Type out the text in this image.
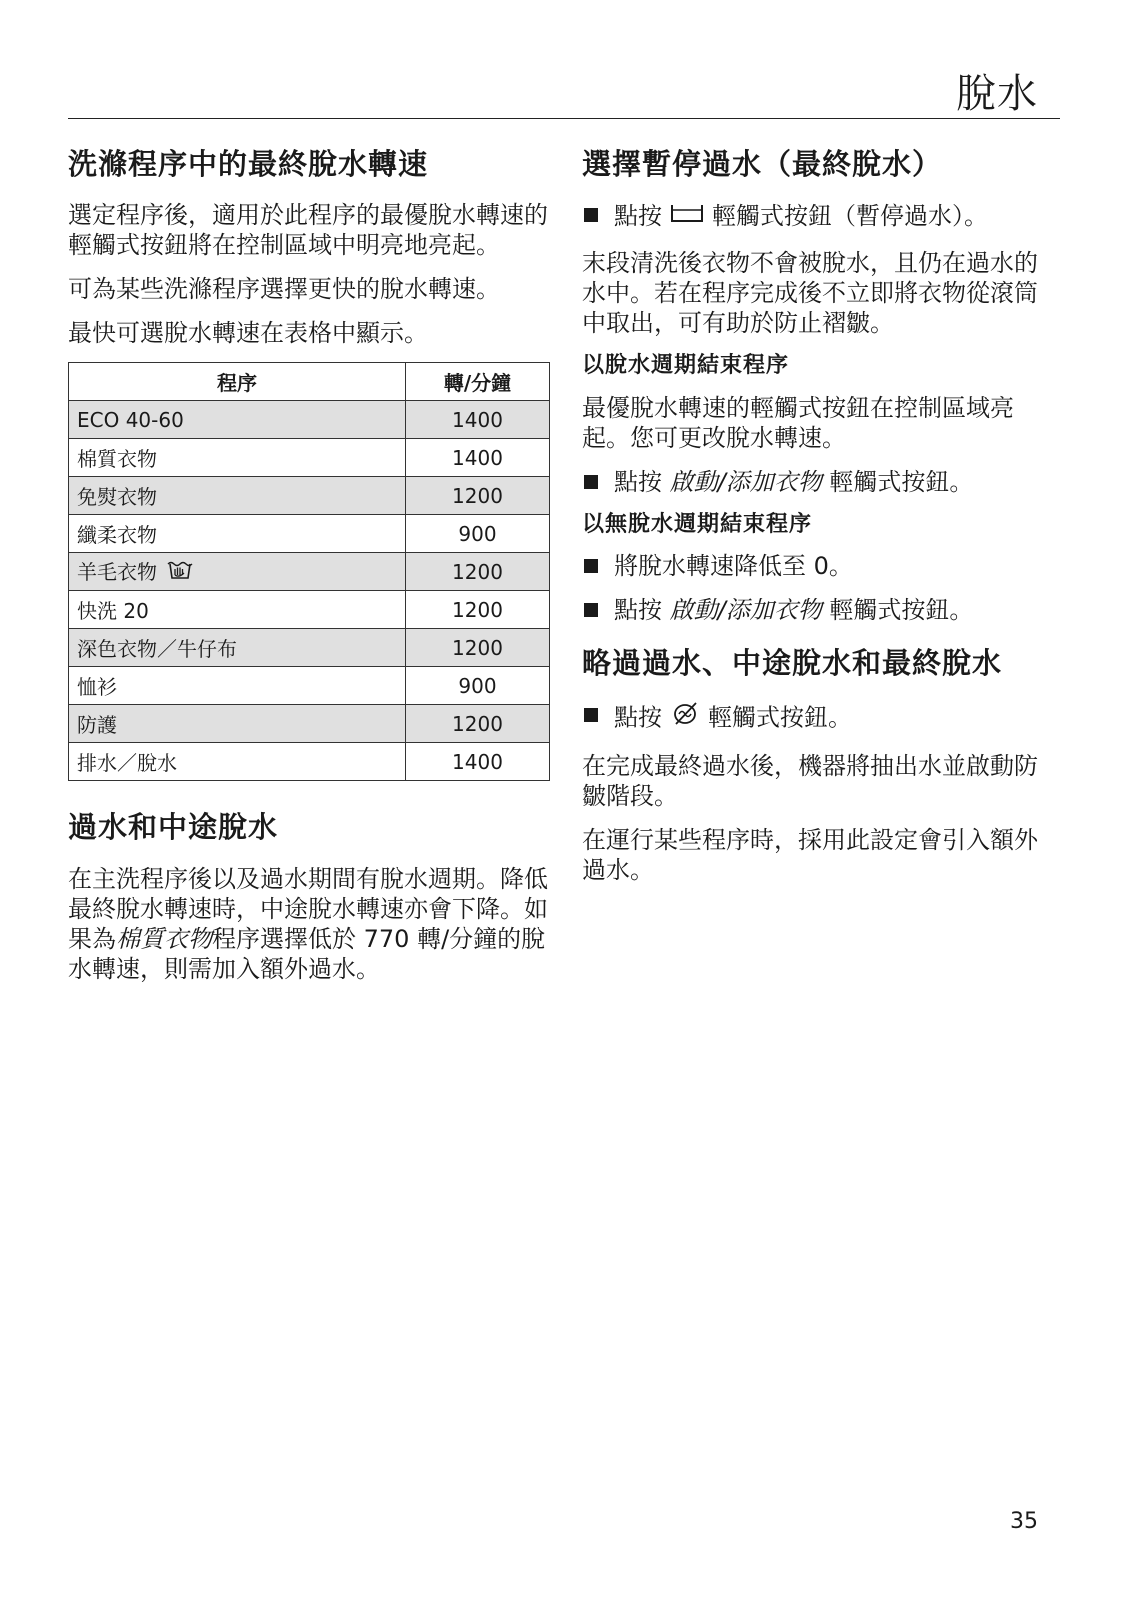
脫水
洗滌程序中的最終脫水轉速

選定程序後，適用於此程序的最優脫水轉速的輕觸式按鈕將在控制區域中明亮地亮起。

可為某些洗滌程序選擇更快的脫水轉速。

最快可選脫水轉速在表格中顯示。

程序	轉/分鐘
ECO 40-60	1400
棉質衣物	1400
免熨衣物	1200
纖柔衣物	900
羊毛衣物	1200
快洗 20	1200
深色衣物／牛仔布	1200
恤衫	900
防護	1200
排水／脫水	1400
過水和中途脫水

在主洗程序後以及過水期間有脫水週期。降低最終脫水轉速時，中途脫水轉速亦會下降。如果為棉質衣物程序選擇低於 770 轉/分鐘的脫水轉速，則需加入額外過水。

選擇暫停過水（最終脫水）
點按 輕觸式按鈕（暫停過水）。

末段清洗後衣物不會被脫水，且仍在過水的水中。若在程序完成後不立即將衣物從滾筒中取出，可有助於防止褶皺。

以脫水週期結束程序

最優脫水轉速的輕觸式按鈕在控制區域亮起。您可更改脫水轉速。

點按 啟動/添加衣物 輕觸式按鈕。
以無脫水週期結束程序
將脫水轉速降低至 0。
點按 啟動/添加衣物 輕觸式按鈕。
略過過水、中途脫水和最終脫水
點按 輕觸式按鈕。

在完成最終過水後，機器將抽出水並啟動防皺階段。

在運行某些程序時，採用此設定會引入額外過水。

35
